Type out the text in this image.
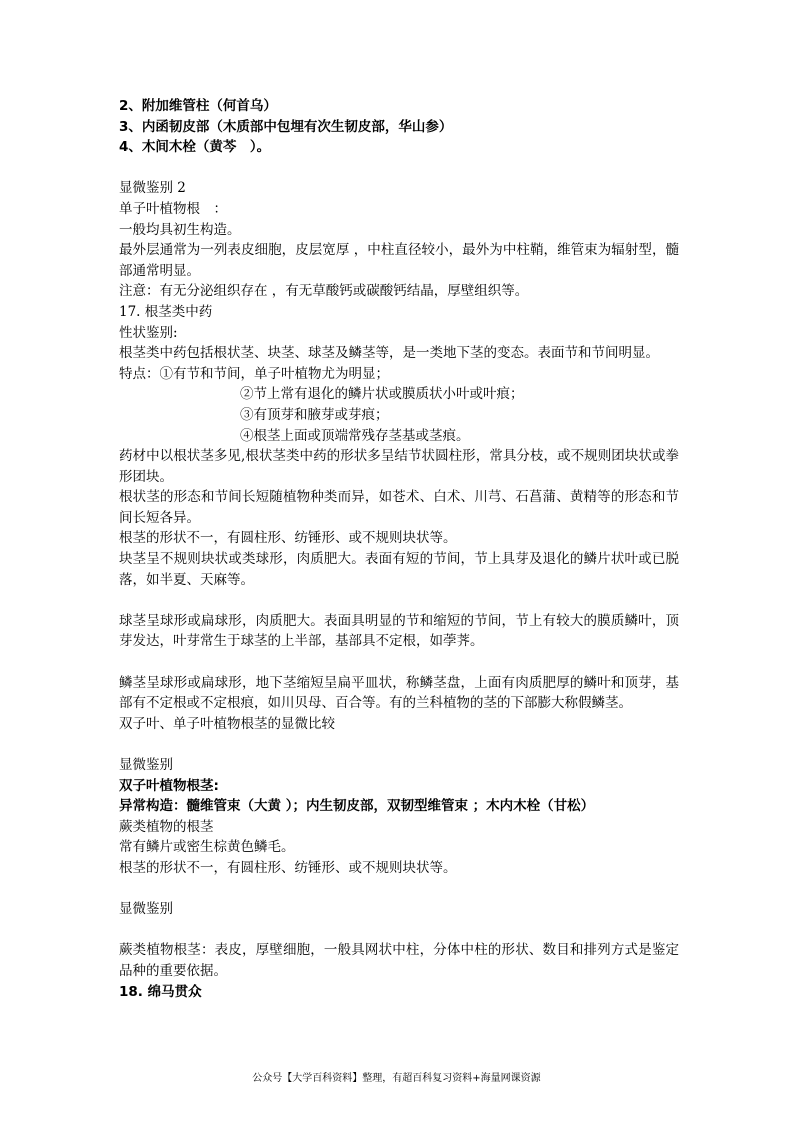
2、附加维管柱（何首乌）
3、内函韧皮部（木质部中包埋有次生韧皮部，华山参）
4、木间木栓（黄芩　）。
显微鉴别 2
单子叶植物根　：
一般均具初生构造。
最外层通常为一列表皮细胞，皮层宽厚 ，中柱直径较小，最外为中柱鞘，维管束为辐射型，髓部通常明显。
注意：有无分泌组织存在 ，有无草酸钙或碳酸钙结晶，厚壁组织等。
17. 根茎类中药
性状鉴别:
根茎类中药包括根状茎、块茎、球茎及鳞茎等，是一类地下茎的变态。表面节和节间明显。
特点：①有节和节间，单子叶植物尤为明显；
②节上常有退化的鳞片状或膜质状小叶或叶痕；
③有顶芽和腋芽或芽痕；
④根茎上面或顶端常残存茎基或茎痕。
药材中以根状茎多见,根状茎类中药的形状多呈结节状圆柱形，常具分枝，或不规则团块状或拳形团块。
根状茎的形态和节间长短随植物种类而异，如苍术、白术、川芎、石菖蒲、黄精等的形态和节间长短各异。
根茎的形状不一，有圆柱形、纺锤形、或不规则块状等。
块茎呈不规则块状或类球形，肉质肥大。表面有短的节间，节上具芽及退化的鳞片状叶或已脱落，如半夏、天麻等。
球茎呈球形或扁球形，肉质肥大。表面具明显的节和缩短的节间，节上有较大的膜质鳞叶，顶芽发达，叶芽常生于球茎的上半部，基部具不定根，如荸荠。
鳞茎呈球形或扁球形，地下茎缩短呈扁平皿状，称鳞茎盘，上面有肉质肥厚的鳞叶和顶芽，基部有不定根或不定根痕，如川贝母、百合等。有的兰科植物的茎的下部膨大称假鳞茎。
双子叶、单子叶植物根茎的显微比较
显微鉴别
双子叶植物根茎:
异常构造：髓维管束（大黄 ）；内生韧皮部，双韧型维管束 ；木内木栓（甘松）
蕨类植物的根茎
常有鳞片或密生棕黄色鳞毛。
根茎的形状不一，有圆柱形、纺锤形、或不规则块状等。
显微鉴别
蕨类植物根茎：表皮，厚壁细胞，一般具网状中柱，分体中柱的形状、数目和排列方式是鉴定品种的重要依据。
18. 绵马贯众
公众号【大学百科资料】整理，有超百科复习资料+海量网课资源
